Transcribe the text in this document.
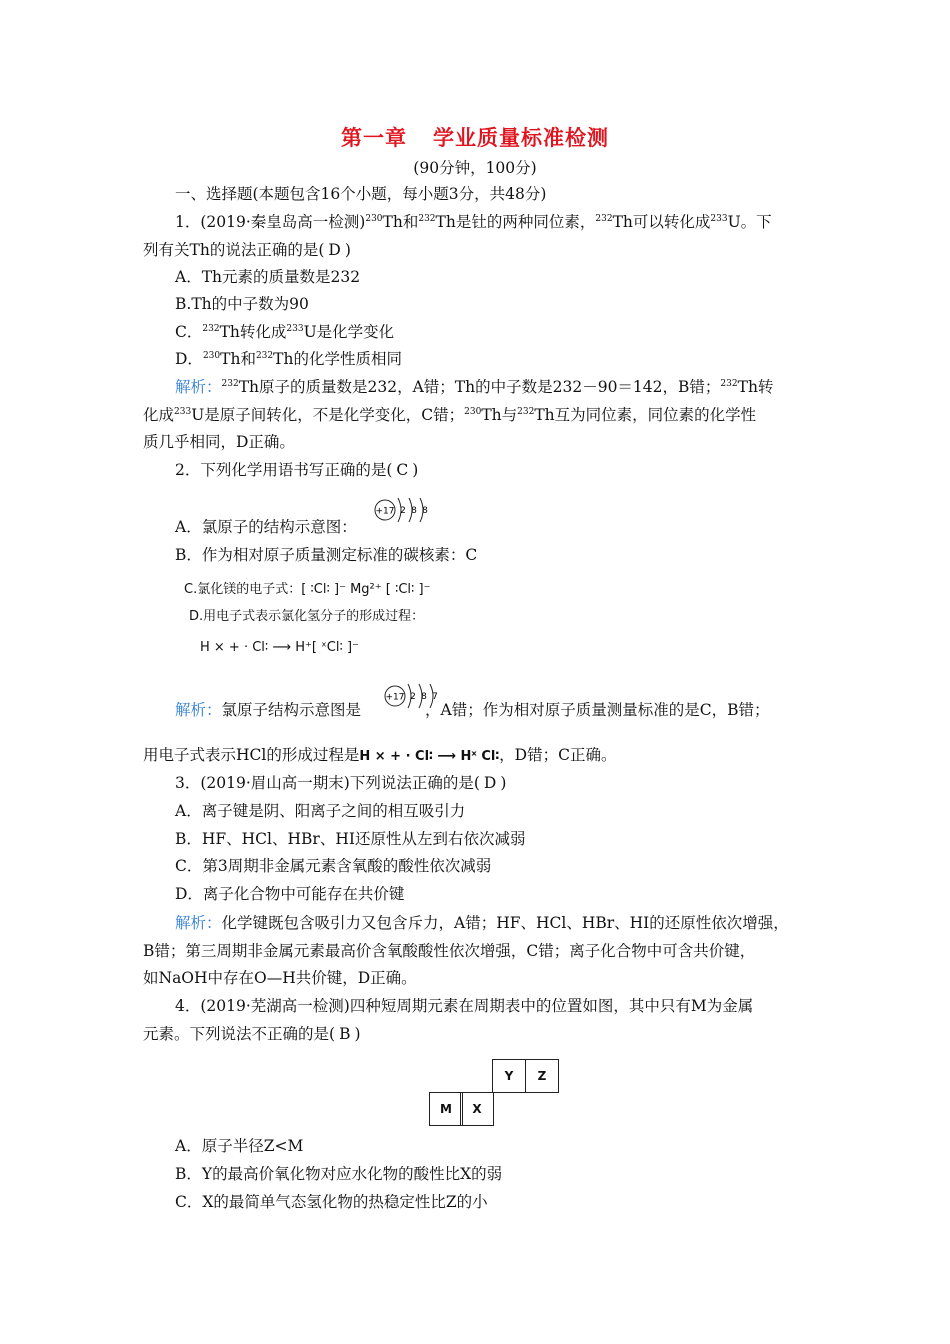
第一章 学业质量标准检测
(90分钟，100分)
一、选择题(本题包含16个小题，每小题3分，共48分)
1．(2019·秦皇岛高一检测)$^{230}$Th和$^{232}$Th是钍的两种同位素，$^{232}$Th可以转化成$^{233}$U。下
列有关Th的说法正确的是( D )
A．Th元素的质量数是232
B.Th的中子数为90
C．$^{232}$Th转化成$^{233}$U是化学变化
D．$^{230}$Th和$^{232}$Th的化学性质相同
解析：$^{232}$Th原子的质量数是232，A错；Th的中子数是232－90＝142，B错；$^{232}$Th转
化成$^{233}$U是原子间转化，不是化学变化，C错；$^{230}$Th与$^{232}$Th互为同位素，同位素的化学性
质几乎相同，D正确。
2．下列化学用语书写正确的是( C )
A．氯原子的结构示意图：
+17 2 8 8
B．作为相对原子质量测定标准的碳核素：C
C.氯化镁的电子式：[ ∶Cl∶ ]⁻ Mg²⁺ [ ∶Cl∶ ]⁻
D.用电子式表示氯化氢分子的形成过程：
H × + · Cl∶ ⟶ H⁺[ ˣCl∶ ]⁻
解析：氯原子结构示意图是	，A错；作为相对原子质量测量标准的是C，B错；
+17 2 8 7
用电子式表示HCl的形成过程是H × + · Cl∶ ⟶ Hˣ Cl∶，D错；C正确。
3．(2019·眉山高一期末)下列说法正确的是( D )
A．离子键是阴、阳离子之间的相互吸引力
B．HF、HCl、HBr、HI还原性从左到右依次减弱
C．第3周期非金属元素含氧酸的酸性依次减弱
D．离子化合物中可能存在共价键
解析：化学键既包含吸引力又包含斥力，A错；HF、HCl、HBr、HI的还原性依次增强，
B错；第三周期非金属元素最高价含氧酸酸性依次增强，C错；离子化合物中可含共价键，
如NaOH中存在O—H共价键，D正确。
4．(2019·芜湖高一检测)四种短周期元素在周期表中的位置如图，其中只有M为金属
元素。下列说法不正确的是( B )
Y	Z
M	X
A．原子半径Z<M
B．Y的最高价氧化物对应水化物的酸性比X的弱
C．X的最简单气态氢化物的热稳定性比Z的小
